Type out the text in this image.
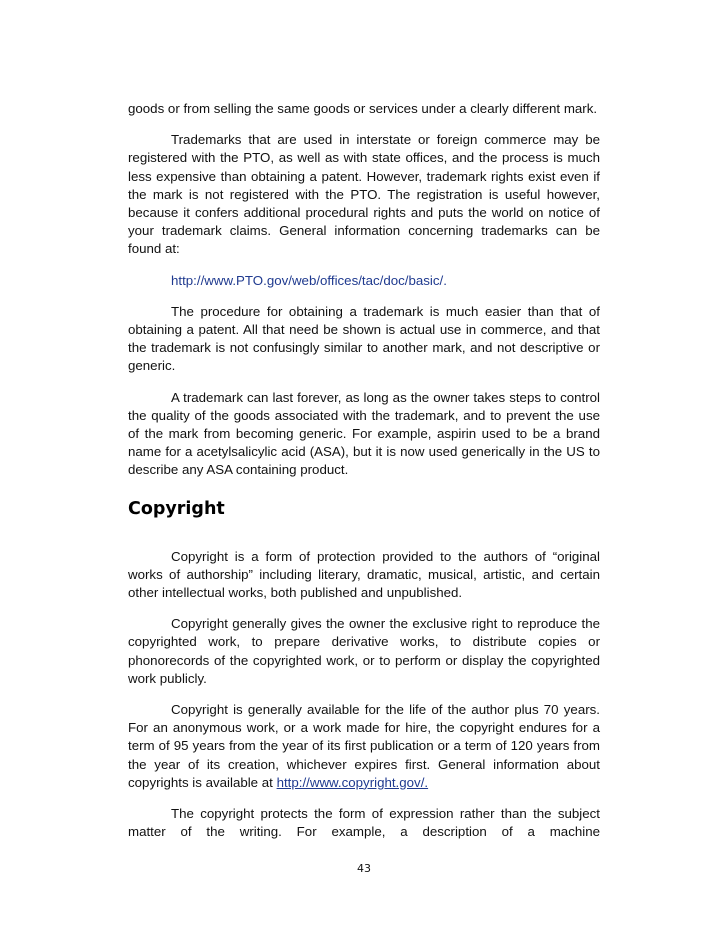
goods or from selling the same goods or services under a clearly different mark.

Trademarks that are used in interstate or foreign commerce may be registered with the PTO, as well as with state offices, and the process is much less expensive than obtaining a patent. However, trademark rights exist even if the mark is not registered with the PTO. The registration is useful however, because it confers additional procedural rights and puts the world on notice of your trademark claims. General information concerning trademarks can be found at:

http://www.PTO.gov/web/offices/tac/doc/basic/.

The procedure for obtaining a trademark is much easier than that of obtaining a patent. All that need be shown is actual use in commerce, and that the trademark is not confusingly similar to another mark, and not descriptive or generic.

A trademark can last forever, as long as the owner takes steps to control the quality of the goods associated with the trademark, and to prevent the use of the mark from becoming generic. For example, aspirin used to be a brand name for a acetylsalicylic acid (ASA), but it is now used generically in the US to describe any ASA containing product.

Copyright

Copyright is a form of protection provided to the authors of “original works of authorship” including literary, dramatic, musical, artistic, and certain other intellectual works, both published and unpublished.

Copyright generally gives the owner the exclusive right to reproduce the copyrighted work, to prepare derivative works, to distribute copies or phonorecords of the copyrighted work, or to perform or display the copyrighted work publicly.

Copyright is generally available for the life of the author plus 70 years. For an anonymous work, or a work made for hire, the copyright endures for a term of 95 years from the year of its first publication or a term of 120 years from the year of its creation, whichever expires first. General information about copyrights is available at http://www.copyright.gov/.

The copyright protects the form of expression rather than the subject matter of the writing. For example, a description of a machine

43
